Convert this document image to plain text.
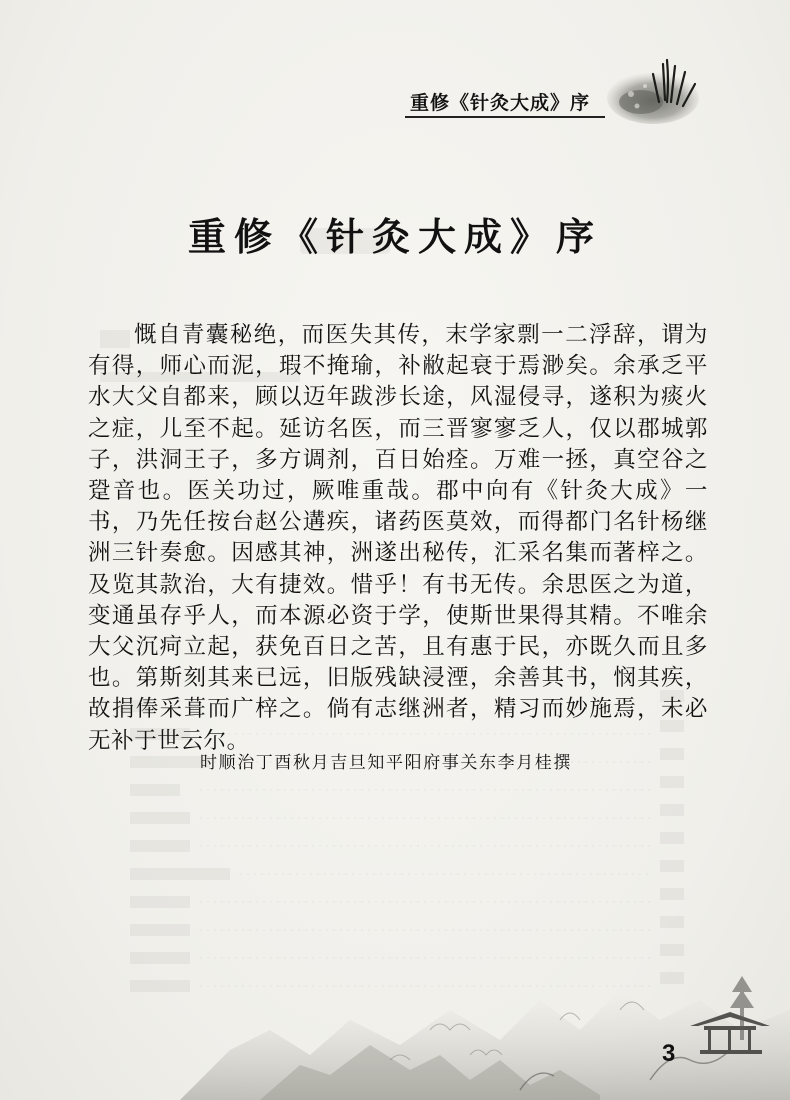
重修《针灸大成》序
重修《针灸大成》序
慨自青囊秘绝，而医失其传，末学家剽一二浮辞，谓为有得，师心而泥，瑕不掩瑜，补敝起衰于焉渺矣。余承乏平水大父自都来，顾以迈年跋涉长途，风湿侵寻，遂积为痰火之症，儿至不起。延访名医，而三晋寥寥乏人，仅以郡城郭子，洪洞王子，多方调剂，百日始痊。万难一拯，真空谷之跫音也。医关功过，厥唯重哉。郡中向有《针灸大成》一书，乃先任按台赵公遘疾，诸药医莫效，而得都门名针杨继洲三针奏愈。因感其神，洲遂出秘传，汇采名集而著梓之。及览其款治，大有捷效。惜乎！有书无传。余思医之为道，变通虽存乎人，而本源必资于学，使斯世果得其精。不唯余大父沉疴立起，获免百日之苦，且有惠于民，亦既久而且多也。第斯刻其来已远，旧版残缺浸湮，余善其书，悯其疾，故捐俸采葺而广梓之。倘有志继洲者，精习而妙施焉，未必无补于世云尔。
时顺治丁酉秋月吉旦知平阳府事关东李月桂撰
3
